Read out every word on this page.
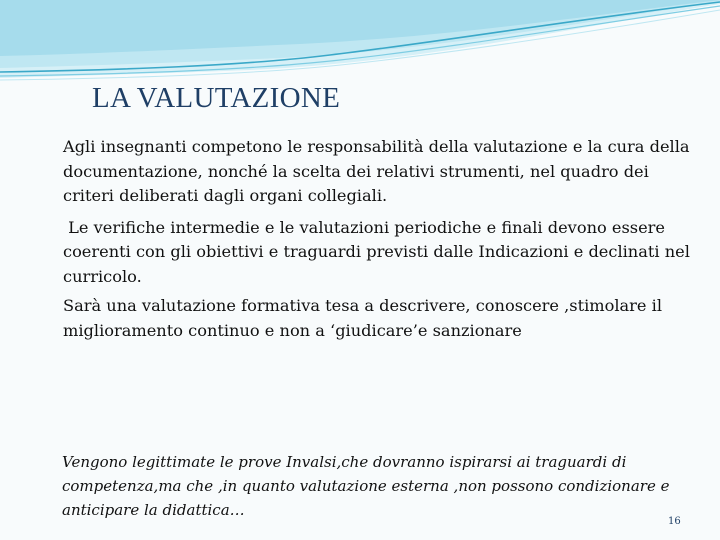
LA VALUTAZIONE

Agli insegnanti competono le responsabilità della valutazione e la cura della documentazione, nonché la scelta dei relativi strumenti, nel quadro dei criteri deliberati dagli organi collegiali.

Le verifiche intermedie e le valutazioni periodiche e finali devono essere coerenti con gli obiettivi e traguardi previsti dalle Indicazioni e declinati nel curricolo.

Sarà una valutazione formativa tesa a descrivere, conoscere ,stimolare il miglioramento continuo e non a ‘giudicare’e sanzionare

Vengono legittimate le prove Invalsi,che dovranno ispirarsi ai traguardi di competenza,ma che ,in quanto valutazione esterna ,non possono condizionare e anticipare la didattica…
16
